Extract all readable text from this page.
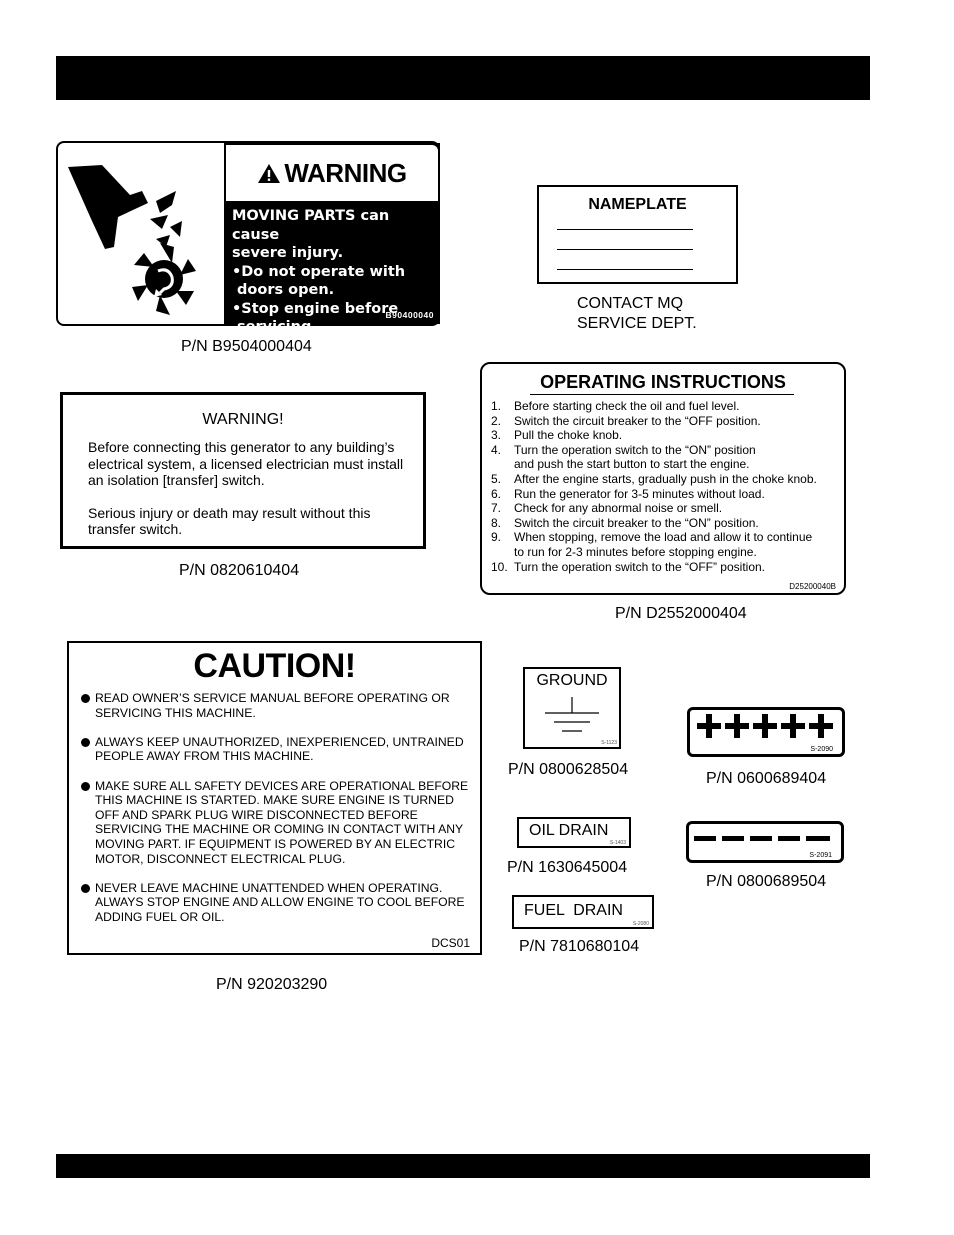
WARNING
MOVING PARTS can cause
severe injury.
•Do not operate with
doors open.
•Stop engine before
servicing.
B90400040
P/N B9504000404
NAMEPLATE
CONTACT MQ
SERVICE DEPT.
WARNING!

Before connecting this generator to any building’s electrical system, a licensed electrician must install an isolation [transfer] switch.

Serious injury or death may result without this transfer switch.

P/N 0820610404
OPERATING INSTRUCTIONS
1.	Before starting check the oil and fuel level.
2.	Switch the circuit breaker to the “OFF position.
3.	Pull the choke knob.
4.	Turn the operation switch to the “ON” position
and push the start button to start the engine.
5.	After the engine starts, gradually push in the choke knob.
6.	Run the generator for 3-5 minutes without load.
7.	Check for any abnormal noise or smell.
8.	Switch the circuit breaker to the “ON” position.
9.	When stopping, remove the load and allow it to continue
to run for 2-3 minutes before stopping engine.
10. Turn the operation switch to the “OFF” position.
D25200040B
P/N D2552000404
CAUTION!
READ OWNER’S SERVICE MANUAL BEFORE OPERATING OR SERVICING THIS MACHINE.
ALWAYS KEEP UNAUTHORIZED, INEXPERIENCED, UNTRAINED PEOPLE AWAY FROM THIS MACHINE.
MAKE SURE ALL SAFETY DEVICES ARE OPERATIONAL BEFORE THIS MACHINE IS STARTED. MAKE SURE ENGINE IS TURNED OFF AND SPARK PLUG WIRE DISCONNECTED BEFORE SERVICING THE MACHINE OR COMING IN CONTACT WITH ANY MOVING PART. IF EQUIPMENT IS POWERED BY AN ELECTRIC MOTOR, DISCONNECT ELECTRICAL PLUG.
NEVER LEAVE MACHINE UNATTENDED WHEN OPERATING. ALWAYS STOP ENGINE AND ALLOW ENGINE TO COOL BEFORE ADDING FUEL OR OIL.
DCS01
P/N 920203290
GROUND
S-1123
P/N 0800628504
S-2090
P/N 0600689404
OIL DRAIN
S-1403
P/N 1630645004
S-2091
P/N 0800689504
FUEL  DRAIN
S-2080
P/N 7810680104
